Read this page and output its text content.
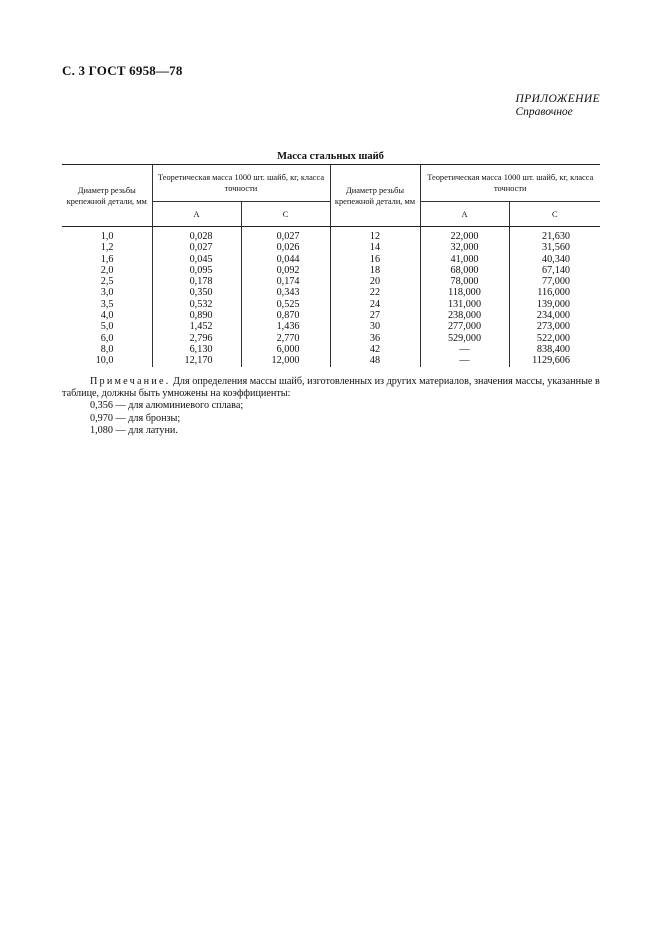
С. 3 ГОСТ 6958—78
ПРИЛОЖЕНИЕ
Справочное
Масса стальных шайб
Диаметр резьбы крепежной детали, мм	Теоретическая масса 1000 шт. шайб, кг, класса точности		Диаметр резьбы крепежной детали, мм	Теоретическая масса 1000 шт. шайб, кг, класса точности	
	А	С		А	С
1,0	0,028	0,027	12	22,000	21,630
1,2	0,027	0,026	14	32,000	31,560
1,6	0,045	0,044	16	41,000	40,340
2,0	0,095	0,092	18	68,000	67,140
2,5	0,178	0,174	20	78,000	77,000
3,0	0,350	0,343	22	118,000	116,000
3,5	0,532	0,525	24	131,000	139,000
4,0	0,890	0,870	27	238,000	234,000
5,0	1,452	1,436	30	277,000	273,000
6,0	2,796	2,770	36	529,000	522,000
8,0	6,130	6,000	42	—	838,400
10,0	12,170	12,000	48	—	1129,606

Примечание. Для определения массы шайб, изготовленных из других материалов, значения массы, указанные в таблице, должны быть умножены на коэффициенты:

0,356 — для алюминиевого сплава;

0,970 — для бронзы;

1,080 — для латуни.
